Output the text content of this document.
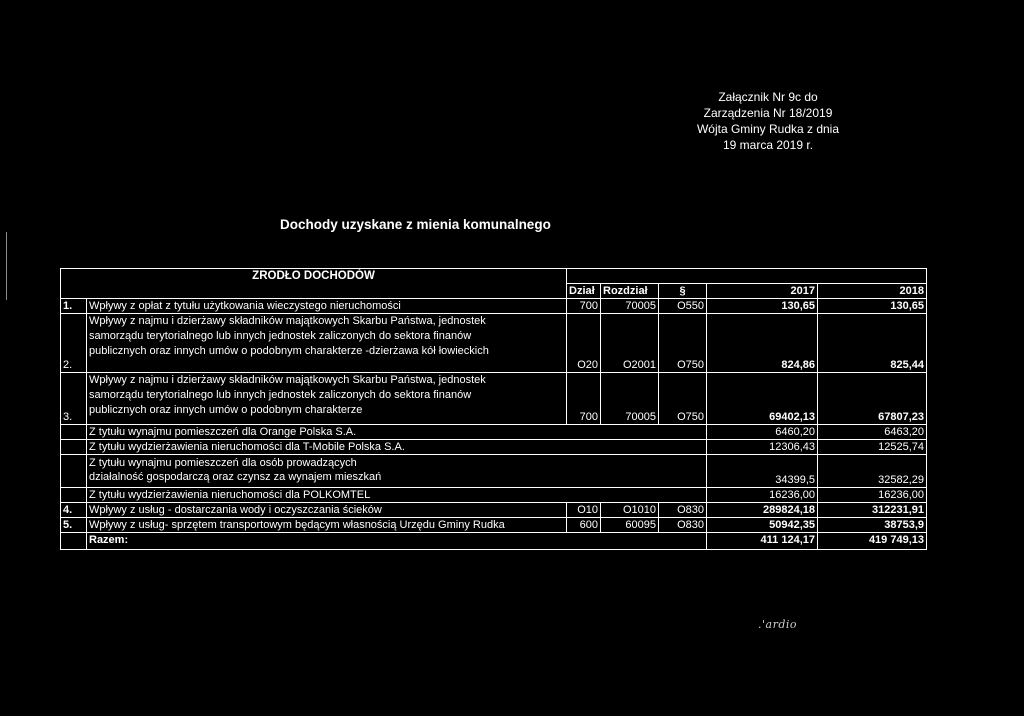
Załącznik Nr 9c do
Zarządzenia Nr 18/2019
Wójta Gminy Rudka z dnia
19 marca 2019 r.
Dochody uzyskane z mienia komunalnego
ZRODŁO DOCHODÓW						
		Dział	Rozdział	§	2017	2018
1.	Wpływy z opłat z tytułu użytkowania wieczystego nieruchomości	700	70005	O550	130,65	130,65
2.	Wpływy z najmu i dzierżawy składników majątkowych Skarbu Państwa, jednostek
samorządu terytorialnego lub innych jednostek zaliczonych do sektora finanów
publicznych oraz innych umów o podobnym charakterze -dzierżawa kół łowieckich	O20	O2001	O750	824,86	825,44
3.	Wpływy z najmu i dzierżawy składników majątkowych Skarbu Państwa, jednostek
samorządu terytorialnego lub innych jednostek zaliczonych do sektora finanów
publicznych oraz innych umów o podobnym charakterze	700	70005	O750	69402,13	67807,23

	Z tytułu wynajmu pomieszczeń dla Orange Polska S.A.				6460,20	6463,20

	Z tytułu wydzierżawienia nieruchomości dla T-Mobile Polska S.A.				12306,43	12525,74

	Z tytułu wynajmu pomieszczeń dla osób prowadzących
działalność gospodarczą oraz czynsz za wynajem mieszkań				34399,5	32582,29

	Z tytułu wydzierżawienia nieruchomości dla POLKOMTEL				16236,00	16236,00
4.	Wpływy z usług - dostarczania wody i oczyszczania ścieków	O10	O1010	O830	289824,18	312231,91
5.	Wpływy z usług- sprzętem transportowym będącym własnością Urzędu Gminy Rudka	600	60095	O830	50942,35	38753,9
	Razem:				411 124,17	419 749,13
.'ardio
